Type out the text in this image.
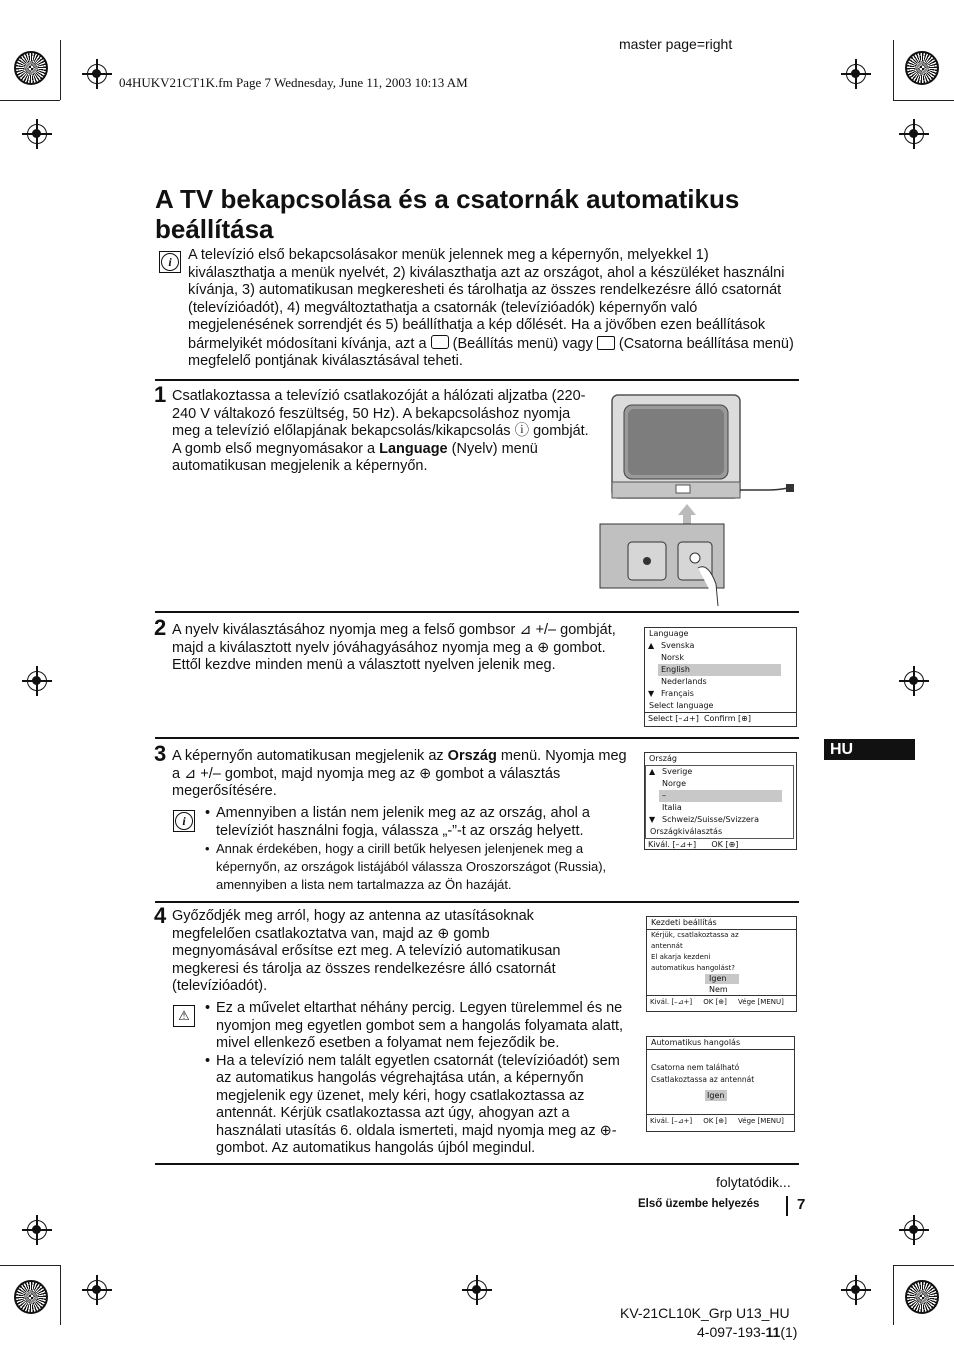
master page=right
04HUKV21CT1K.fm Page 7 Wednesday, June 11, 2003 10:13 AM
A TV bekapcsolása és a csatornák automatikus beállítása
i	A televízió első bekapcsolásakor menük jelennek meg a képernyőn, melyekkel 1) kiválaszthatja a menük nyelvét, 2) kiválaszthatja azt az országot, ahol a készüléket használni kívánja, 3) automatikusan megkeresheti és tárolhatja az összes rendelkezésre álló csatornát (televízióadót), 4) megváltoztathatja a csatornák (televízióadók) képernyőn való megjelenésének sorrendjét és 5) beállíthatja a kép dőlését. Ha a jövőben ezen beállítások bármelyikét módosítani kívánja, azt a (Beállítás menü) vagy (Csatorna beállítása menü) megfelelő pontjának kiválasztásával teheti.
1 Csatlakoztassa a televízió csatlakozóját a hálózati aljzatba (220-240 V váltakozó feszültség, 50 Hz). A bekapcsoláshoz nyomja meg a televízió előlapjának bekapcsolás/kikapcsolás ⓘ gombját. A gomb első megnyomásakor a Language (Nyelv) menü automatikusan megjelenik a képernyőn.
2 A nyelv kiválasztásához nyomja meg a felső gombsor ⊿ +/– gombját, majd a kiválasztott nyelv jóváhagyásához nyomja meg a ⊕ gombot. Ettől kezdve minden menü a választott nyelven jelenik meg.
Language
Svenska
▲
Norsk
English
Nederlands
Français
▼
Select language
Select [–⊿+] Confirm [⊕]
HU
3 A képernyőn automatikusan megjelenik az Ország menü. Nyomja meg a ⊿ +/– gombot, majd nyomja meg az ⊕ gombot a választás megerősítésére.
i	• Amennyiben a listán nem jelenik meg az az ország, ahol a televíziót használni fogja, válassza „-”-t az ország helyett.
• Annak érdekében, hogy a cirill betűk helyesen jelenjenek meg a képernyőn, az országok listájából válassza Oroszországot (Russia), amennyiben a lista nem tartalmazza az Ön hazáját.
Ország
Sverige
▲
Norge
–
Italia
Schweiz/Suisse/Svizzera
▼
Országkiválasztás
Kivál. [–⊿+] OK [⊕]
4 Győződjék meg arról, hogy az antenna az utasításoknak megfelelően csatlakoztatva van, majd az ⊕ gomb megnyomásával erősítse ezt meg. A televízió automatikusan megkeresi és tárolja az összes rendelkezésre álló csatornát (televízióadót).
⚠	• Ez a művelet eltarthat néhány percig. Legyen türelemmel és ne nyomjon meg egyetlen gombot sem a hangolás folyamata alatt, mivel ellenkező esetben a folyamat nem fejeződik be.
• Ha a televízió nem talált egyetlen csatornát (televízióadót) sem az automatikus hangolás végrehajtása után, a képernyőn megjelenik egy üzenet, mely kéri, hogy csatlakoztassa az antennát. Kérjük csatlakoztassa azt úgy, ahogyan azt a használati utasítás 6. oldala ismerteti, majd nyomja meg az ⊕-gombot. Az automatikus hangolás újból megindul.
Kezdeti beállítás
Kérjük, csatlakoztassa az
antennát
El akarja kezdeni
automatikus hangolást?
Igen
Nem
Kivál. [–⊿+] OK [⊕]     Vége [MENU]
Automatikus hangolás
Csatorna nem található
Csatlakoztassa az antennát
Igen
Kivál. [–⊿+] OK [⊕]     Vége [MENU]
folytatódik...
Első üzembe helyezés	7
KV-21CL10K_Grp U13_HU
4-097-193-11(1)
